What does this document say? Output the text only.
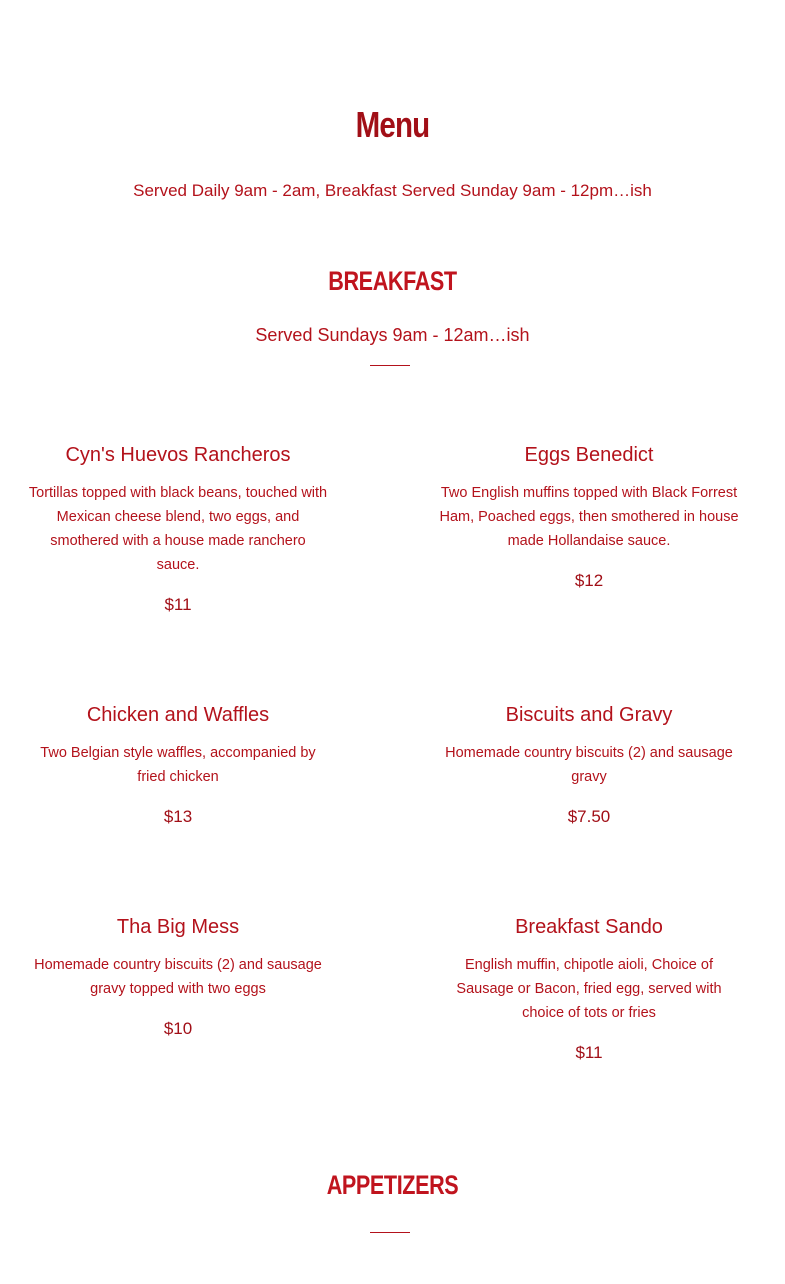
Menu

Served Daily 9am - 2am, Breakfast Served Sunday 9am - 12pm…ish

BREAKFAST

Served Sundays 9am - 12am…ish

Cyn's Huevos Rancheros

Tortillas topped with black beans, touched with Mexican cheese blend, two eggs, and smothered with a house made ranchero sauce.

$11

Eggs Benedict

Two English muffins topped with Black Forrest Ham, Poached eggs, then smothered in house made Hollandaise sauce.

$12

Chicken and Waffles

Two Belgian style waffles, accompanied by fried chicken

$13

Biscuits and Gravy

Homemade country biscuits (2) and sausage gravy

$7.50

Tha Big Mess

Homemade country biscuits (2) and sausage gravy topped with two eggs

$10

Breakfast Sando

English muffin, chipotle aioli, Choice of Sausage or Bacon, fried egg, served with choice of tots or fries

$11

APPETIZERS
